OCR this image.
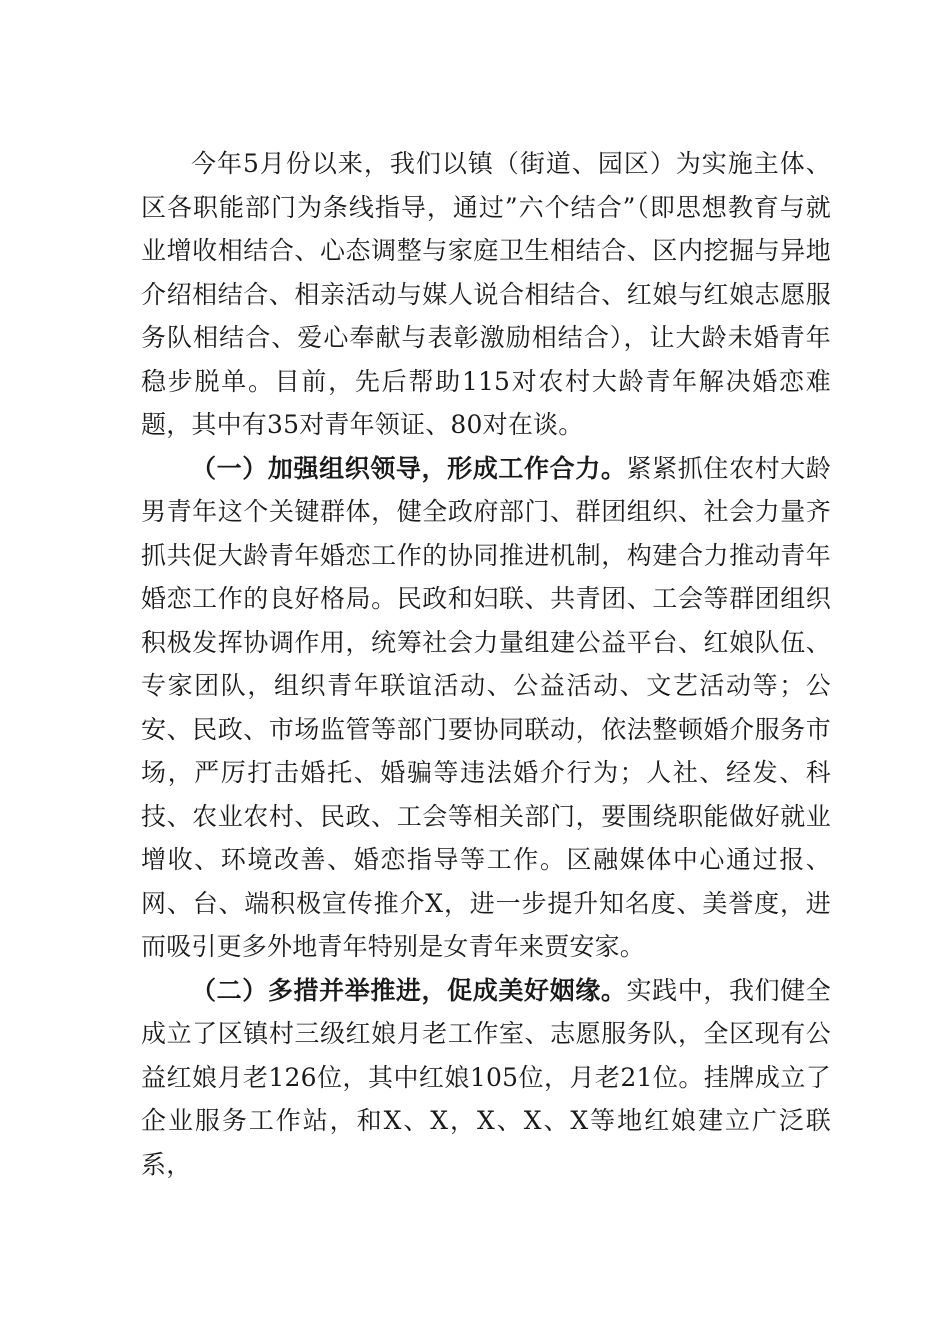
今年5月份以来，我们以镇（街道、园区）为实施主体、区各职能部门为条线指导，通过”六个结合”（即思想教育与就业增收相结合、心态调整与家庭卫生相结合、区内挖掘与异地介绍相结合、相亲活动与媒人说合相结合、红娘与红娘志愿服务队相结合、爱心奉献与表彰激励相结合），让大龄未婚青年稳步脱单。目前，先后帮助115对农村大龄青年解决婚恋难题，其中有35对青年领证、80对在谈。

（一）加强组织领导，形成工作合力。紧紧抓住农村大龄男青年这个关键群体，健全政府部门、群团组织、社会力量齐抓共促大龄青年婚恋工作的协同推进机制，构建合力推动青年婚恋工作的良好格局。民政和妇联、共青团、工会等群团组织积极发挥协调作用，统筹社会力量组建公益平台、红娘队伍、专家团队，组织青年联谊活动、公益活动、文艺活动等；公安、民政、市场监管等部门要协同联动，依法整顿婚介服务市场，严厉打击婚托、婚骗等违法婚介行为；人社、经发、科技、农业农村、民政、工会等相关部门，要围绕职能做好就业增收、环境改善、婚恋指导等工作。区融媒体中心通过报、网、台、端积极宣传推介X，进一步提升知名度、美誉度，进而吸引更多外地青年特别是女青年来贾安家。

（二）多措并举推进，促成美好姻缘。实践中，我们健全成立了区镇村三级红娘月老工作室、志愿服务队，全区现有公益红娘月老126位，其中红娘105位，月老21位。挂牌成立了企业服务工作站，和X、X，X、X、X等地红娘建立广泛联系，
